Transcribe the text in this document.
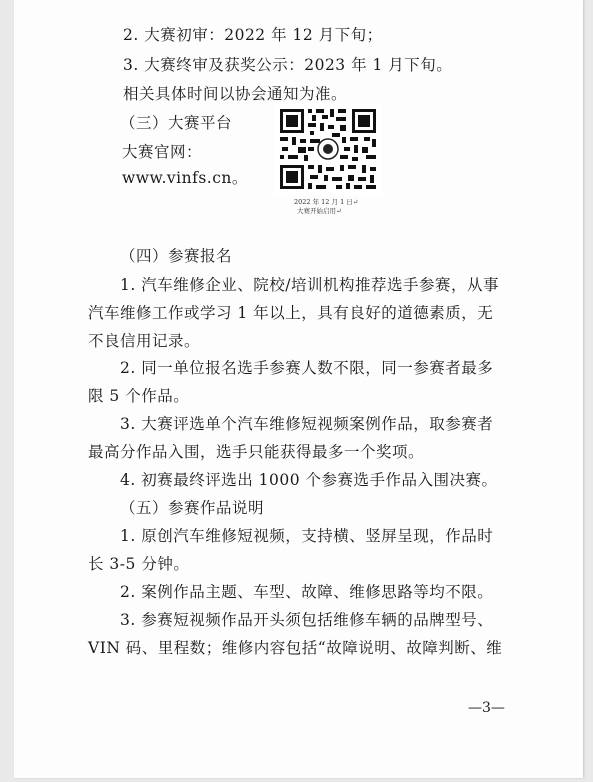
2. 大赛初审：2022 年 12 月下旬；
3. 大赛终审及获奖公示：2023 年 1 月下旬。
相关具体时间以协会通知为准。
（三）大赛平台
大赛官网：
www.vinfs.cn。
2022 年 12 月 1 日↵
大赛开始启用↵
（四）参赛报名
1. 汽车维修企业、院校/培训机构推荐选手参赛，从事
汽车维修工作或学习 1 年以上，具有良好的道德素质，无
不良信用记录。
2. 同一单位报名选手参赛人数不限，同一参赛者最多
限 5 个作品。
3. 大赛评选单个汽车维修短视频案例作品，取参赛者
最高分作品入围，选手只能获得最多一个奖项。
4. 初赛最终评选出 1000 个参赛选手作品入围决赛。
（五）参赛作品说明
1. 原创汽车维修短视频，支持横、竖屏呈现，作品时
长 3-5 分钟。
2. 案例作品主题、车型、故障、维修思路等均不限。
3. 参赛短视频作品开头须包括维修车辆的品牌型号、
VIN 码、里程数；维修内容包括“故障说明、故障判断、维
—3—
